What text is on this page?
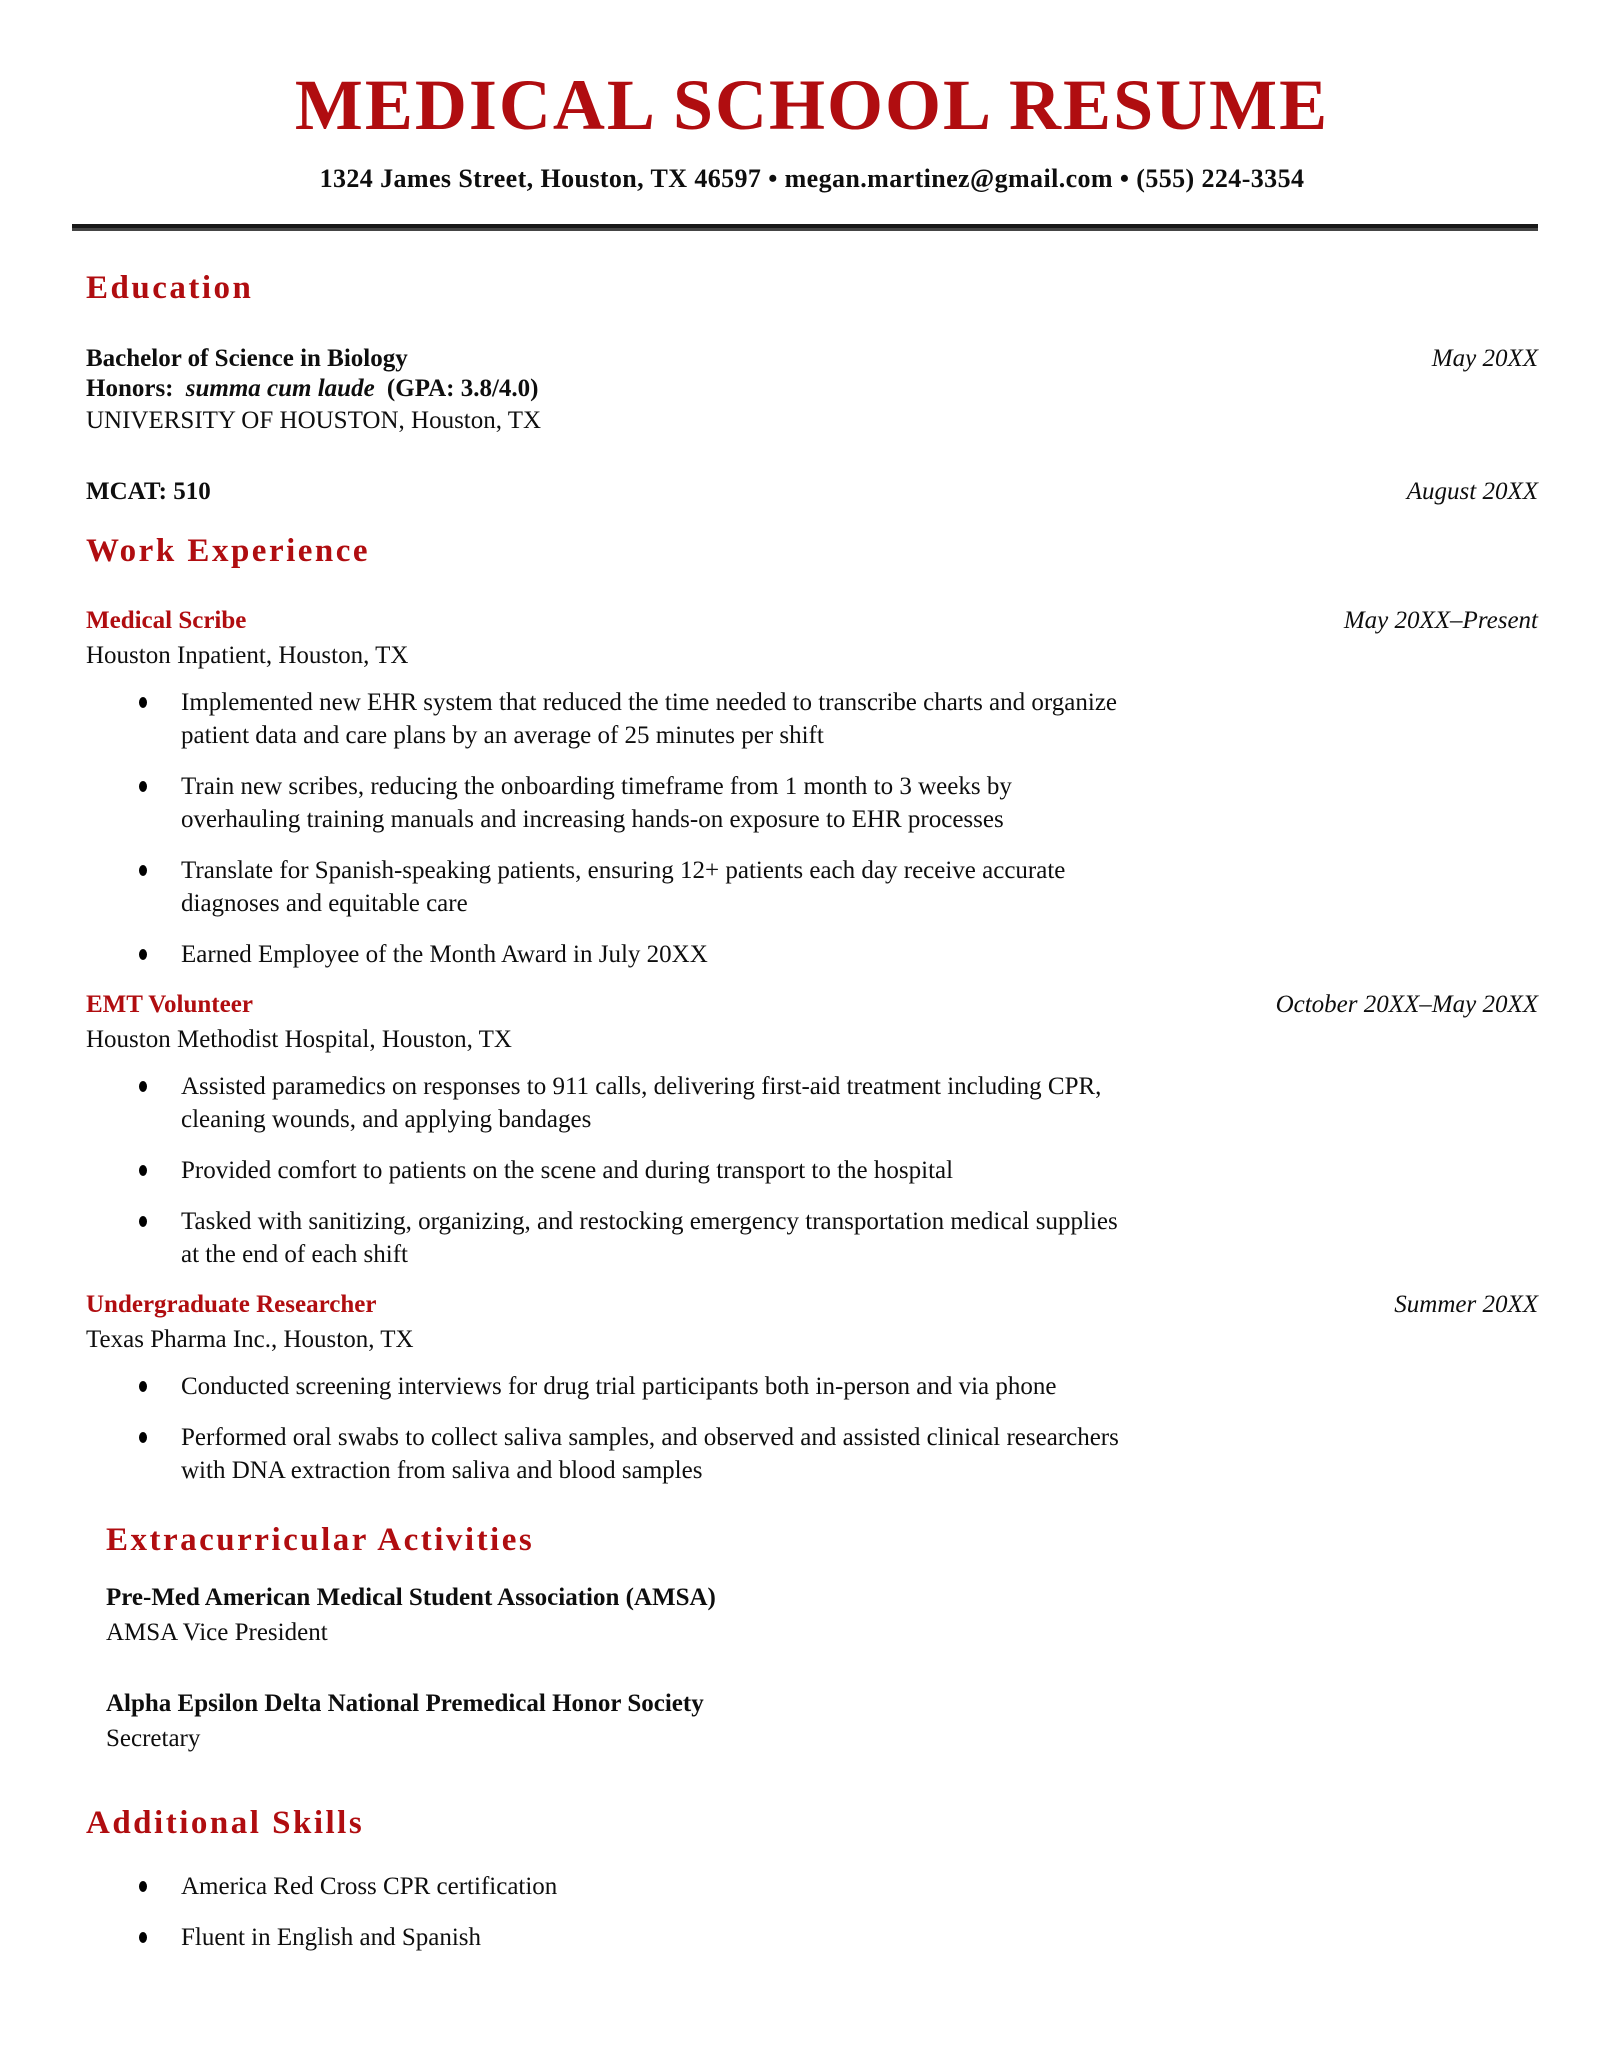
MEDICAL SCHOOL RESUME
1324 James Street, Houston, TX 46597 • megan.martinez@gmail.com • (555) 224-3354
Education
Bachelor of Science in Biology	May 20XX
Honors: summa cum laude (GPA: 3.8/4.0)
UNIVERSITY OF HOUSTON, Houston, TX
MCAT: 510	August 20XX
Work Experience
Medical Scribe	May 20XX–Present
Houston Inpatient, Houston, TX
Implemented new EHR system that reduced the time needed to transcribe charts and organize patient data and care plans by an average of 25 minutes per shift
Train new scribes, reducing the onboarding timeframe from 1 month to 3 weeks by overhauling training manuals and increasing hands-on exposure to EHR processes
Translate for Spanish-speaking patients, ensuring 12+ patients each day receive accurate diagnoses and equitable care
Earned Employee of the Month Award in July 20XX
EMT Volunteer	October 20XX–May 20XX
Houston Methodist Hospital, Houston, TX
Assisted paramedics on responses to 911 calls, delivering first-aid treatment including CPR, cleaning wounds, and applying bandages
Provided comfort to patients on the scene and during transport to the hospital
Tasked with sanitizing, organizing, and restocking emergency transportation medical supplies at the end of each shift
Undergraduate Researcher	Summer 20XX
Texas Pharma Inc., Houston, TX
Conducted screening interviews for drug trial participants both in-person and via phone
Performed oral swabs to collect saliva samples, and observed and assisted clinical researchers with DNA extraction from saliva and blood samples
Extracurricular Activities
Pre-Med American Medical Student Association (AMSA)
AMSA Vice President
Alpha Epsilon Delta National Premedical Honor Society
Secretary
Additional Skills
America Red Cross CPR certification
Fluent in English and Spanish
